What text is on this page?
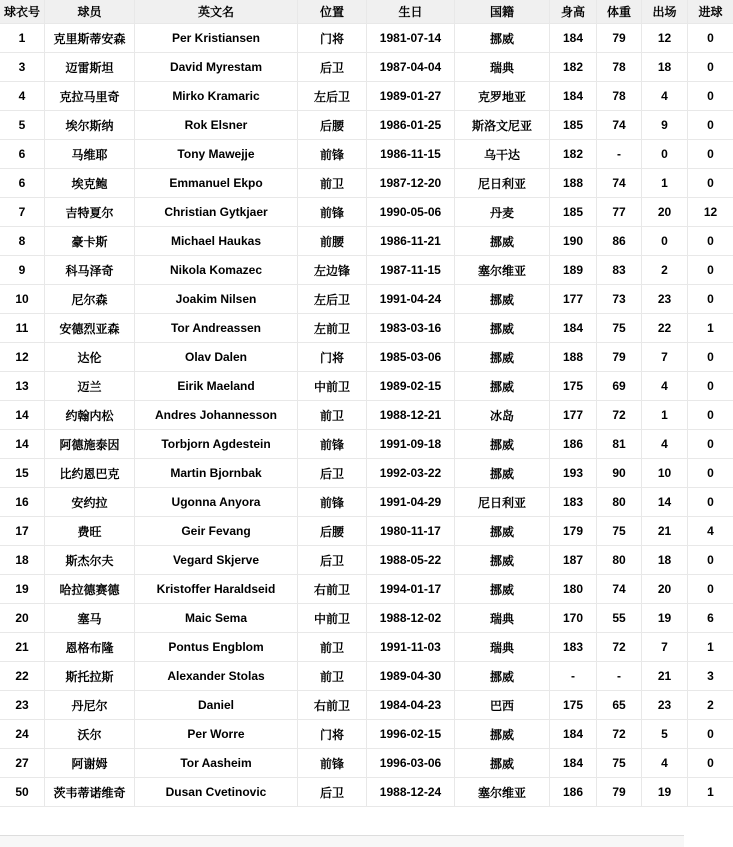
球衣号	球员	英文名	位置	生日	国籍	身高	体重	出场	进球
1	克里斯蒂安森	Per Kristiansen	门将	1981-07-14	挪威	184	79	12	0
3	迈雷斯坦	David Myrestam	后卫	1987-04-04	瑞典	182	78	18	0
4	克拉马里奇	Mirko Kramaric	左后卫	1989-01-27	克罗地亚	184	78	4	0
5	埃尔斯纳	Rok Elsner	后腰	1986-01-25	斯洛文尼亚	185	74	9	0
6	马维耶	Tony Mawejje	前锋	1986-11-15	乌干达	182	-	0	0
6	埃克鲍	Emmanuel Ekpo	前卫	1987-12-20	尼日利亚	188	74	1	0
7	吉特夏尔	Christian Gytkjaer	前锋	1990-05-06	丹麦	185	77	20	12
8	豪卡斯	Michael Haukas	前腰	1986-11-21	挪威	190	86	0	0
9	科马泽奇	Nikola Komazec	左边锋	1987-11-15	塞尔维亚	189	83	2	0
10	尼尔森	Joakim Nilsen	左后卫	1991-04-24	挪威	177	73	23	0
11	安德烈亚森	Tor Andreassen	左前卫	1983-03-16	挪威	184	75	22	1
12	达伦	Olav Dalen	门将	1985-03-06	挪威	188	79	7	0
13	迈兰	Eirik Maeland	中前卫	1989-02-15	挪威	175	69	4	0
14	约翰内松	Andres Johannesson	前卫	1988-12-21	冰岛	177	72	1	0
14	阿德施泰因	Torbjorn Agdestein	前锋	1991-09-18	挪威	186	81	4	0
15	比约恩巴克	Martin Bjornbak	后卫	1992-03-22	挪威	193	90	10	0
16	安约拉	Ugonna Anyora	前锋	1991-04-29	尼日利亚	183	80	14	0
17	费旺	Geir Fevang	后腰	1980-11-17	挪威	179	75	21	4
18	斯杰尔夫	Vegard Skjerve	后卫	1988-05-22	挪威	187	80	18	0
19	哈拉德赛德	Kristoffer Haraldseid	右前卫	1994-01-17	挪威	180	74	20	0
20	塞马	Maic Sema	中前卫	1988-12-02	瑞典	170	55	19	6
21	恩格布隆	Pontus Engblom	前卫	1991-11-03	瑞典	183	72	7	1
22	斯托拉斯	Alexander Stolas	前卫	1989-04-30	挪威	-	-	21	3
23	丹尼尔	Daniel	右前卫	1984-04-23	巴西	175	65	23	2
24	沃尔	Per Worre	门将	1996-02-15	挪威	184	72	5	0
27	阿谢姆	Tor Aasheim	前锋	1996-03-06	挪威	184	75	4	0
50	茨韦蒂诺维奇	Dusan Cvetinovic	后卫	1988-12-24	塞尔维亚	186	79	19	1
